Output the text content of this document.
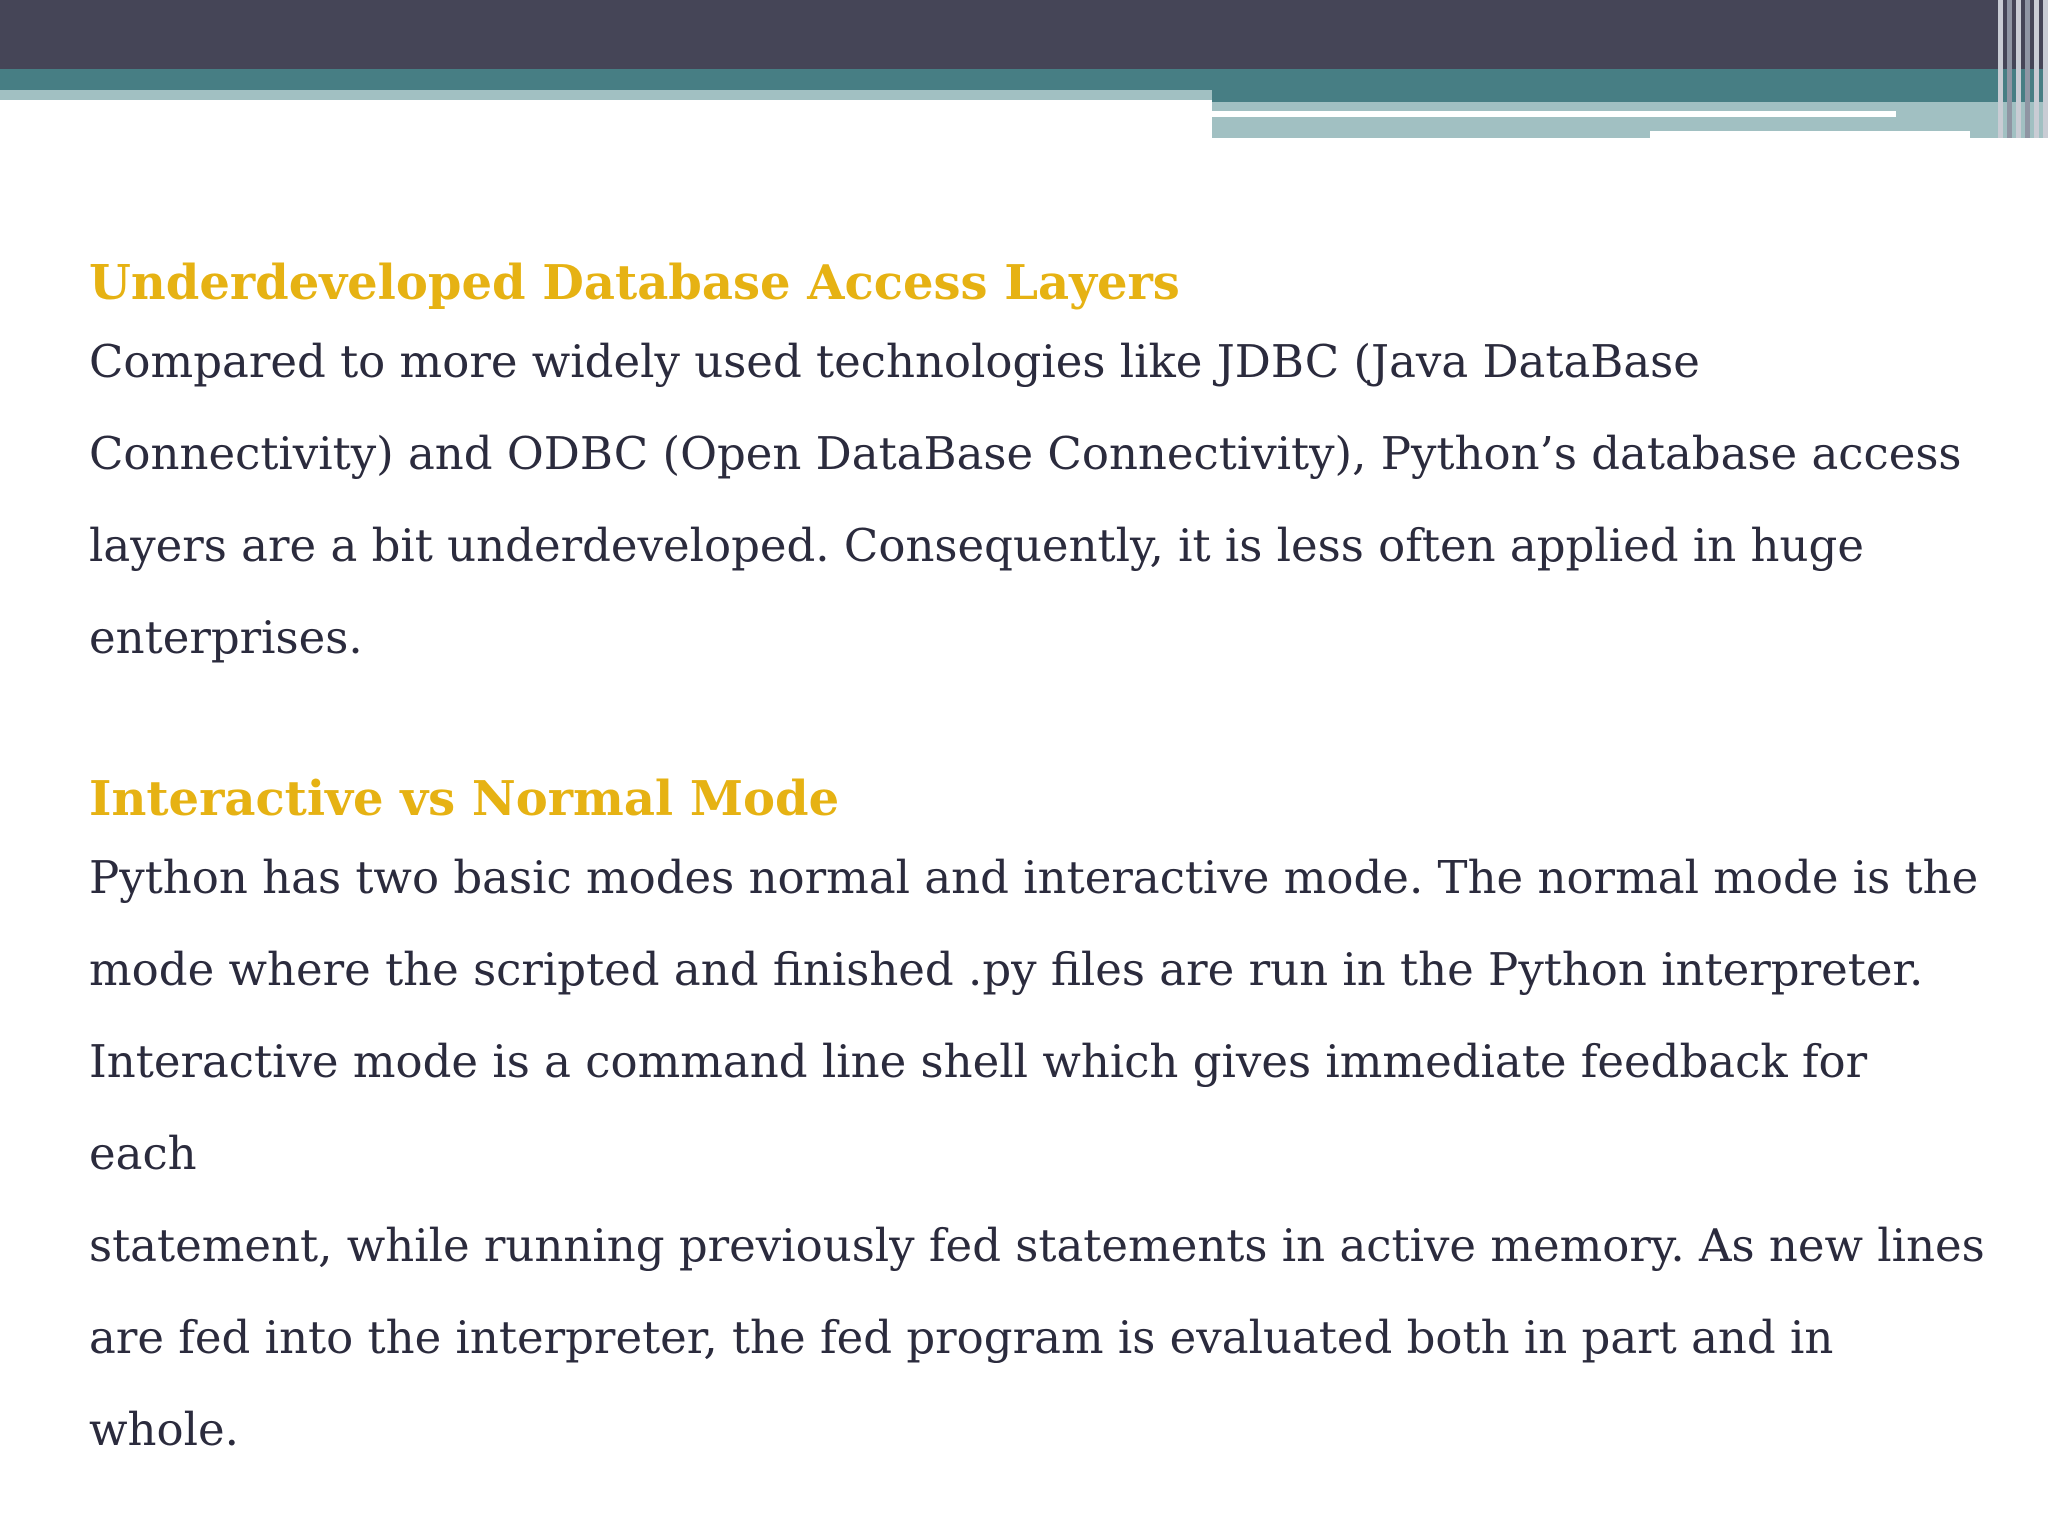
Underdeveloped Database Access Layers

Compared to more widely used technologies like JDBC (Java DataBase
Connectivity) and ODBC (Open DataBase Connectivity), Python’s database access
layers are a bit underdeveloped. Consequently, it is less often applied in huge
enterprises.

Interactive vs Normal Mode

Python has two basic modes normal and interactive mode. The normal mode is the
mode where the scripted and finished .py files are run in the Python interpreter.
Interactive mode is a command line shell which gives immediate feedback for each
statement, while running previously fed statements in active memory. As new lines
are fed into the interpreter, the fed program is evaluated both in part and in whole.
